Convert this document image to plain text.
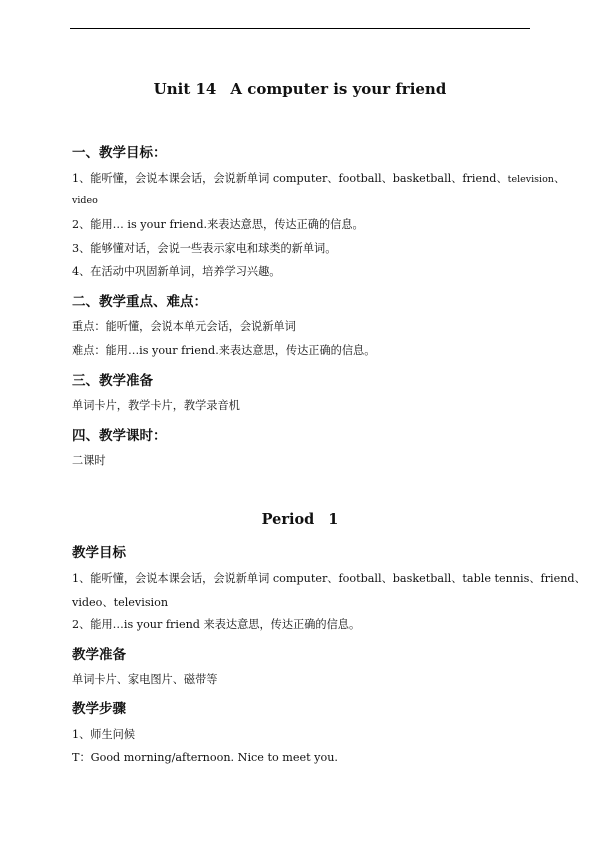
Unit 14 A computer is your friend
一、教学目标：
1、能听懂，会说本课会话，会说新单词 computer、football、basketball、friend、television、
video
2、能用… is your friend.来表达意思，传达正确的信息。
3、能够懂对话，会说一些表示家电和球类的新单词。
4、在活动中巩固新单词，培养学习兴趣。
二、教学重点、难点：
重点：能听懂，会说本单元会话，会说新单词
难点：能用…is your friend.来表达意思，传达正确的信息。
三、教学准备
单词卡片，教学卡片，教学录音机
四、教学课时：
二课时
Period 1
教学目标
1、能听懂，会说本课会话，会说新单词 computer、football、basketball、table tennis、friend、
video、television
2、能用…is your friend 来表达意思，传达正确的信息。
教学准备
单词卡片、家电图片、磁带等
教学步骤
1、师生问候
T：Good morning/afternoon. Nice to meet you.
